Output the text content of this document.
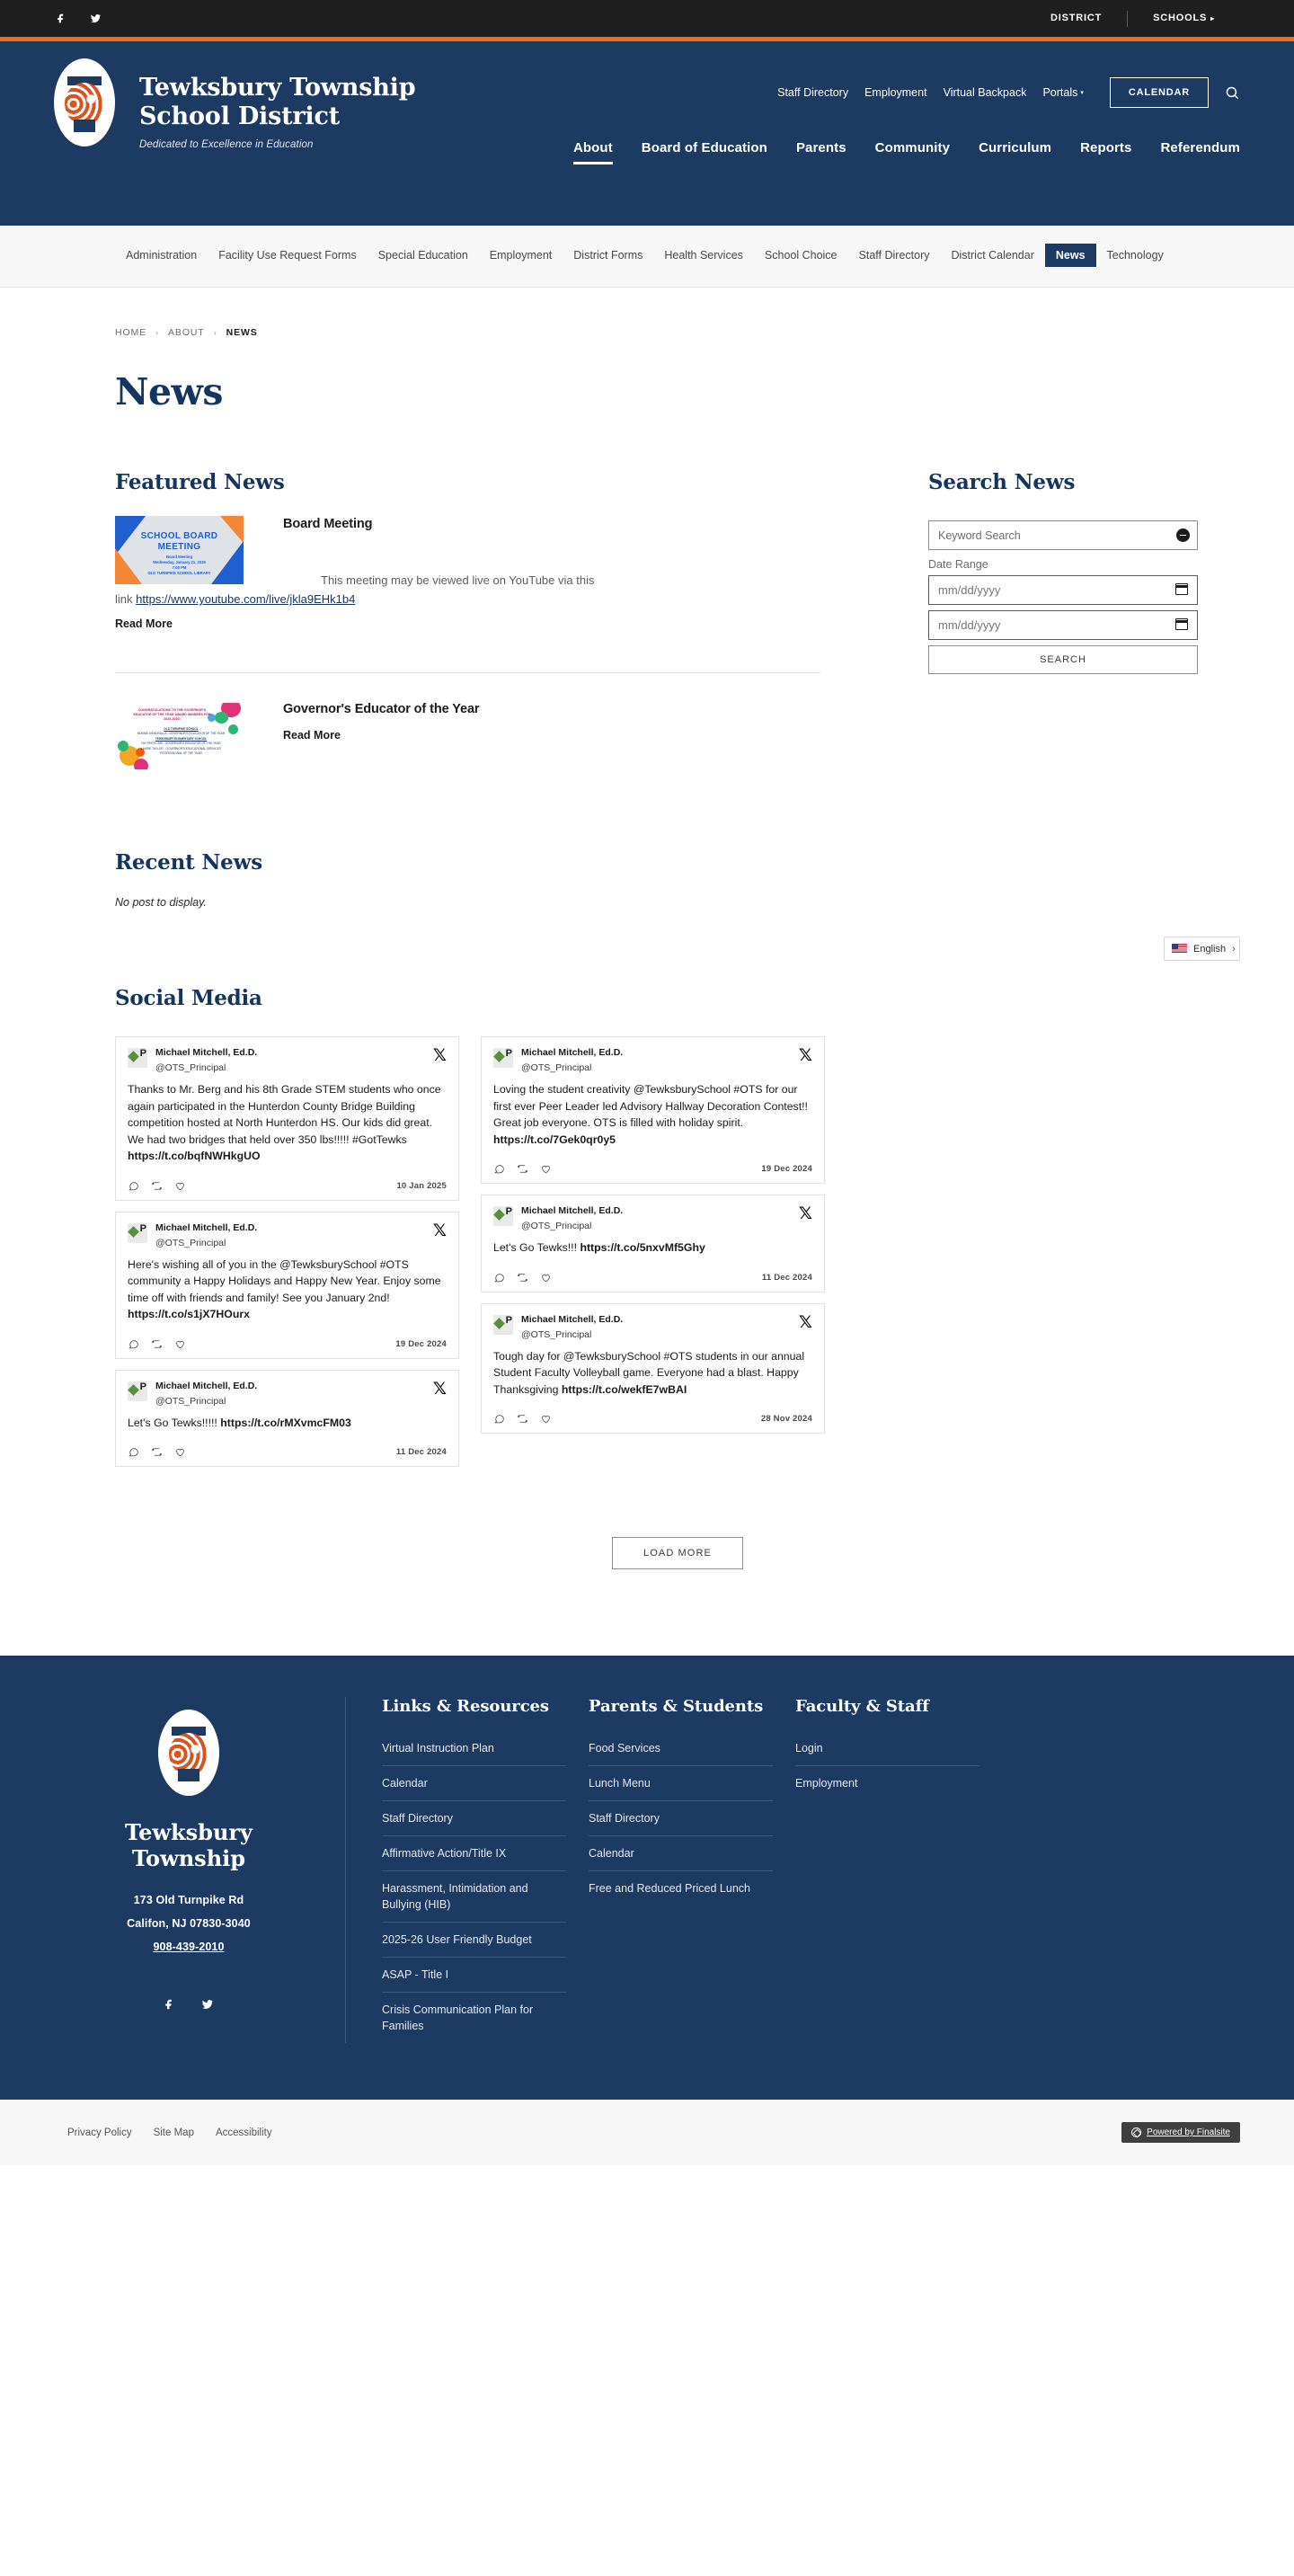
DISTRICT	SCHOOLS ▸
Tewksbury Township
School District
Dedicated to Excellence in Education
Staff Directory	Employment	Virtual Backpack	Portals ▾	CALENDAR
About	Board of Education	Parents	Community	Curriculum	Reports	Referendum
Administration	Facility Use Request Forms	Special Education	Employment	District Forms	Health Services	School Choice	Staff Directory	District Calendar	News	Technology
HOME › ABOUT › NEWS
News
Featured News
SCHOOL BOARD
MEETING
Board Meeting
Wednesday, January 21, 2026
7:00 PM
OLD TURNPIKE SCHOOL LIBRARY
Board Meeting
This meeting may be viewed live on YouTube via this
link https://www.youtube.com/live/jkla9EHk1b4
Read More
CONGRATULATIONS TO THE GOVERNOR'S
EDUCATOR OF THE YEAR AWARD WINNERS FOR
2025-2026!
OLD TURNPIKE SCHOOL
BONNIE MENDRALLA - GOVERNOR'S EDUCATOR OF THE YEAR
TEWKSBURY ELEMENTARY SCHOOL
FAY PERTICARI - GOVERNOR'S EDUCATOR OF THE YEAR
LAURIE TAYLOR - GOVERNOR'S EDUCATIONAL SERVICES
PROFESSIONAL OF THE YEAR
Governor's Educator of the Year
Read More
Search News
Keyword Search
Date Range
mm/dd/yyyy
mm/dd/yyyy
SEARCH
Recent News
No post to display.
Social Media
P
Michael Mitchell, Ed.D.
@OTS_Principal
𝕏
Thanks to Mr. Berg and his 8th Grade STEM students who once again participated in the Hunterdon County Bridge Building competition hosted at North Hunterdon HS. Our kids did great. We had two bridges that held over 350 lbs!!!!! #GotTewks https://t.co/bqfNWHkgUO
10 Jan 2025
P
Michael Mitchell, Ed.D.
@OTS_Principal
𝕏
Here's wishing all of you in the @TewksburySchool #OTS community a Happy Holidays and Happy New Year. Enjoy some time off with friends and family! See you January 2nd! https://t.co/s1jX7HOurx
19 Dec 2024
P
Michael Mitchell, Ed.D.
@OTS_Principal
𝕏
Let's Go Tewks!!!!! https://t.co/rMXvmcFM03
11 Dec 2024
P
Michael Mitchell, Ed.D.
@OTS_Principal
𝕏
Loving the student creativity @TewksburySchool #OTS for our first ever Peer Leader led Advisory Hallway Decoration Contest!! Great job everyone. OTS is filled with holiday spirit. https://t.co/7Gek0qr0y5
19 Dec 2024
P
Michael Mitchell, Ed.D.
@OTS_Principal
𝕏
Let's Go Tewks!!! https://t.co/5nxvMf5Ghy
11 Dec 2024
P
Michael Mitchell, Ed.D.
@OTS_Principal
𝕏
Tough day for @TewksburySchool #OTS students in our annual Student Faculty Volleyball game. Everyone had a blast. Happy Thanksgiving https://t.co/wekfE7wBAI
28 Nov 2024
LOAD MORE
English ›
Tewksbury
Township
173 Old Turnpike Rd
Califon, NJ 07830-3040
908-439-2010
Links & Resources
Virtual Instruction Plan
Calendar
Staff Directory
Affirmative Action/Title IX
Harassment, Intimidation and Bullying (HIB)
2025-26 User Friendly Budget
ASAP - Title I
Crisis Communication Plan for Families
Parents & Students
Food Services
Lunch Menu
Staff Directory
Calendar
Free and Reduced Priced Lunch
Faculty & Staff
Login
Employment
Privacy Policy Site Map Accessibility	Powered by Finalsite
